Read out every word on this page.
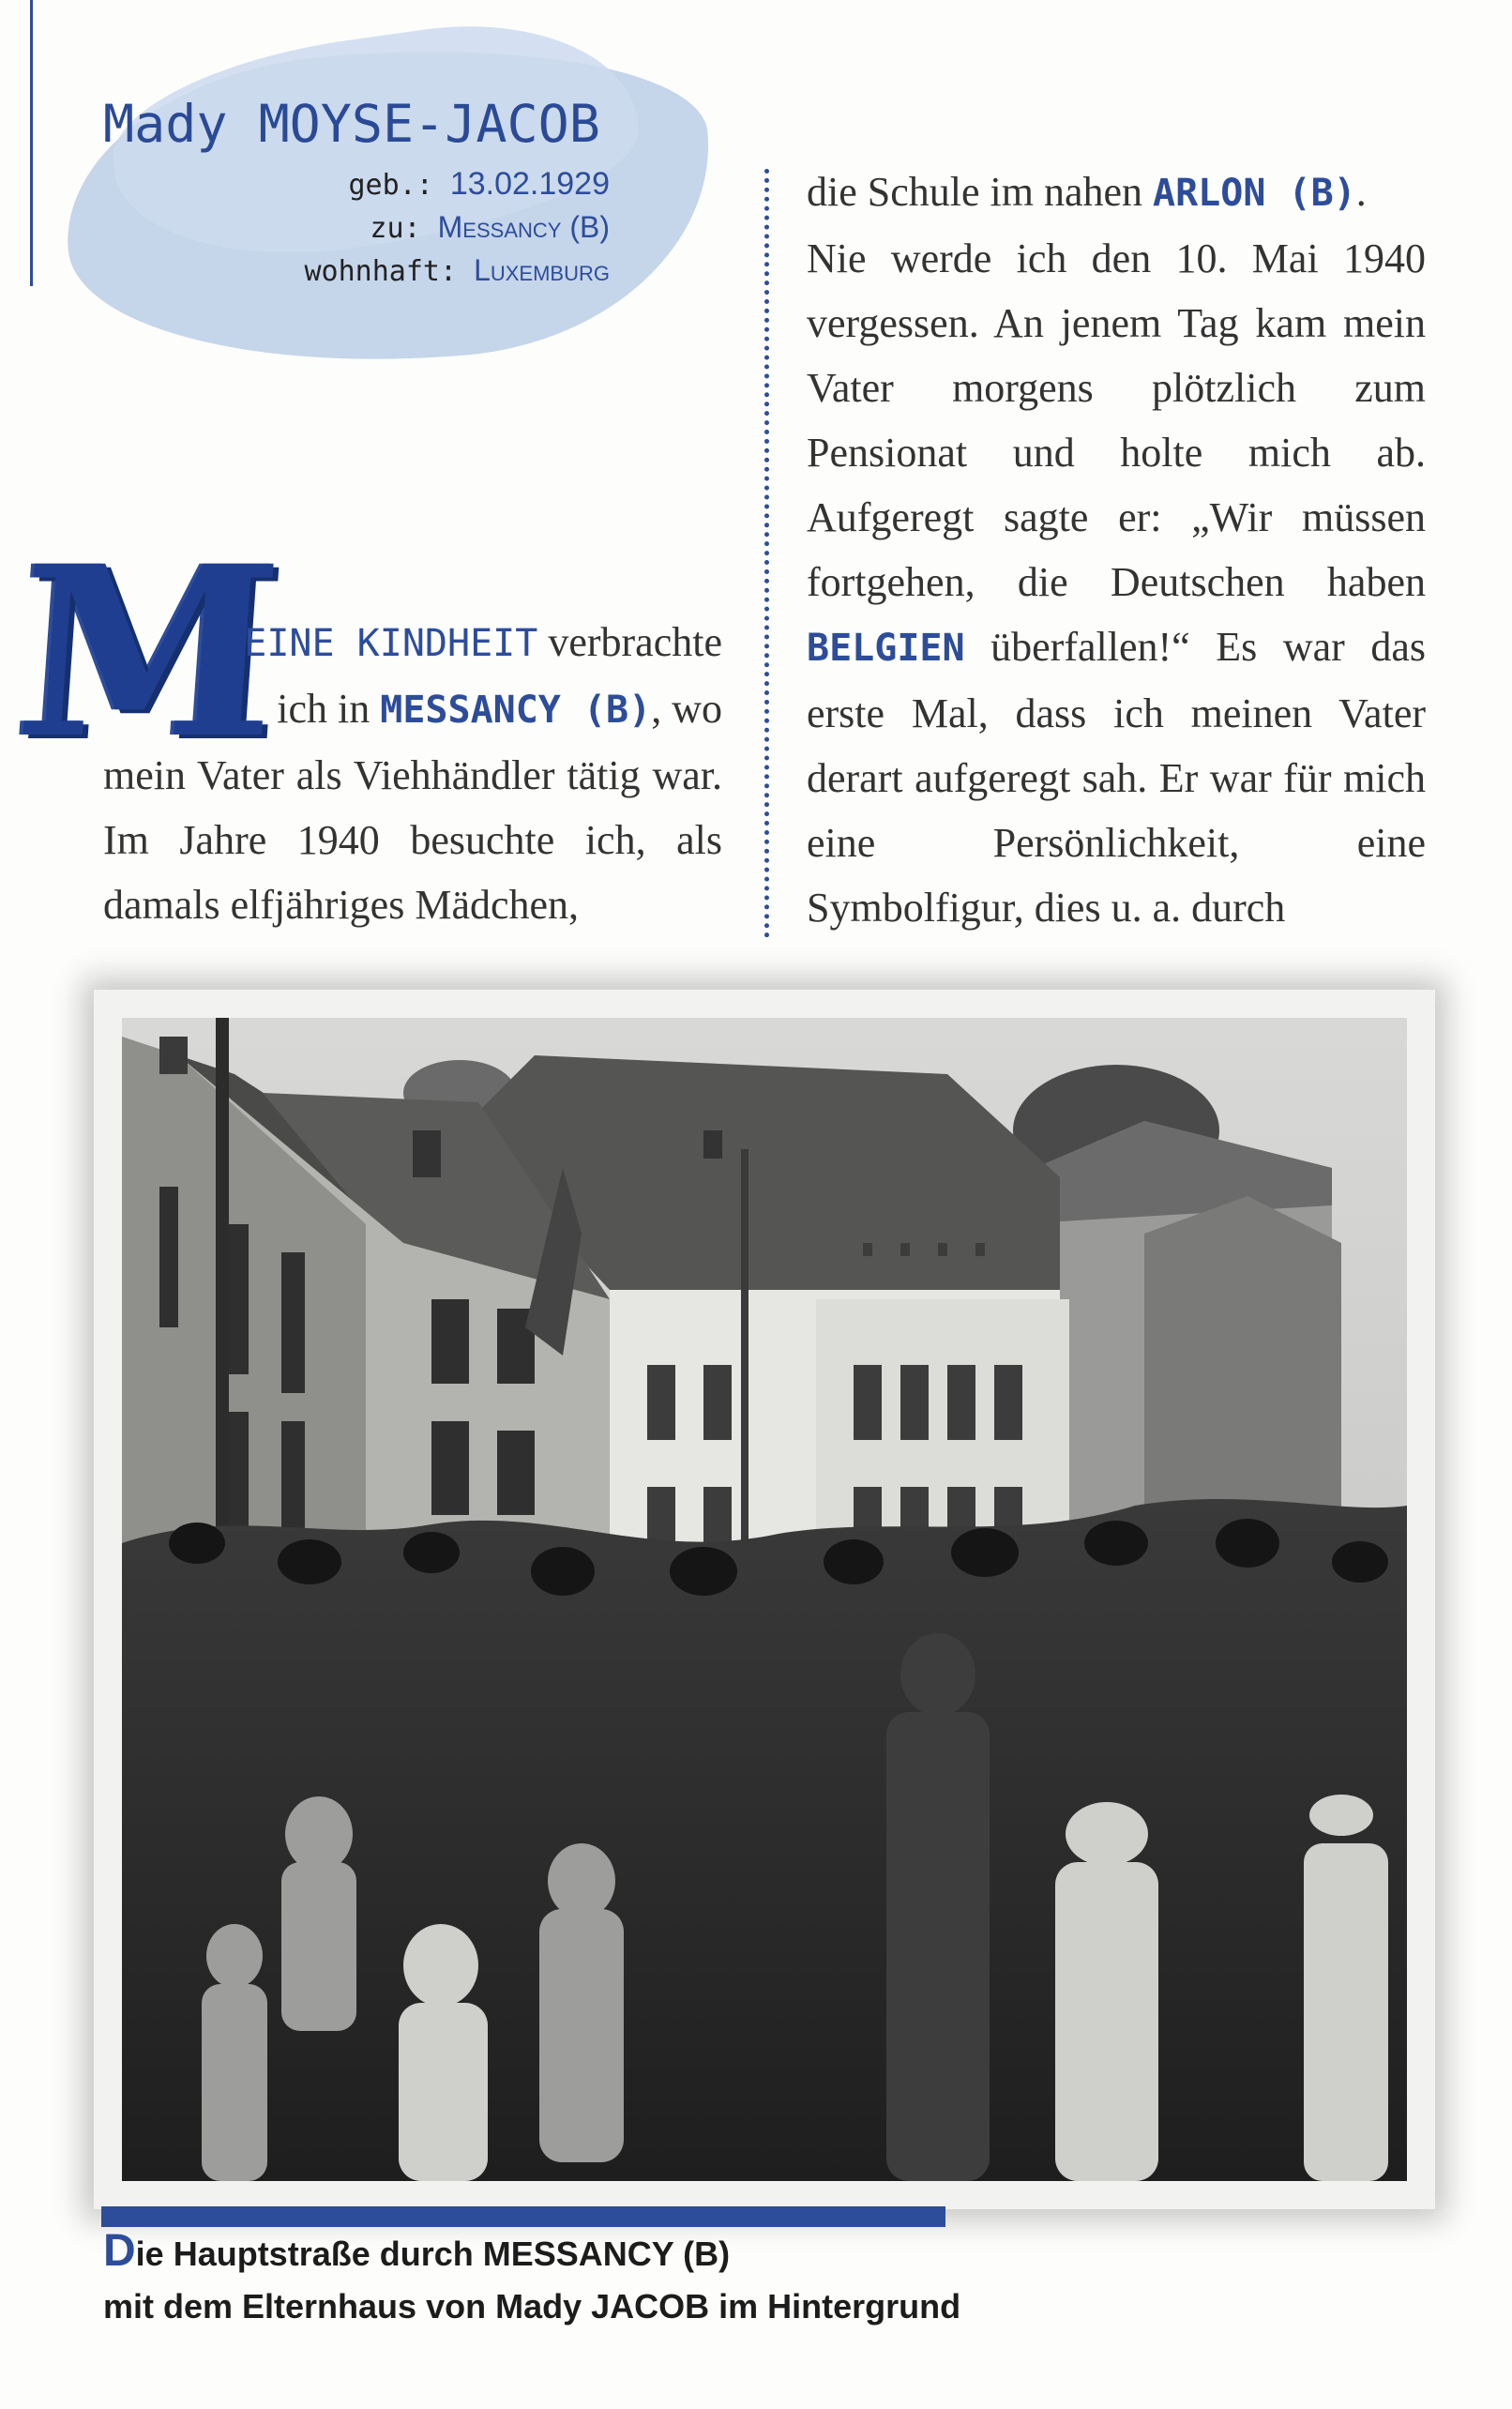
Mady MOYSE-JACOB
geb.: 13.02.1929
zu: Messancy (B)
wohnhaft: Luxemburg
M

EINE KINDHEIT verbrachte

ich in MESSANCY (B), wo

mein Vater als Viehhändler tätig war. Im Jahre 1940 besuchte ich, als damals elfjähriges Mädchen,

die Schule im nahen ARLON (B).

Nie werde ich den 10. Mai 1940 vergessen. An jenem Tag kam mein Vater morgens plötzlich zum Pensionat und holte mich ab. Aufgeregt sagte er: „Wir müssen fortgehen, die Deutschen haben BELGIEN überfallen!“ Es war das erste Mal, dass ich meinen Vater derart aufgeregt sah. Er war für mich eine Persönlichkeit, eine Symbolfigur, dies u. a. durch

Die Hauptstraße durch MESSANCY (B)
mit dem Elternhaus von Mady JACOB im Hintergrund
